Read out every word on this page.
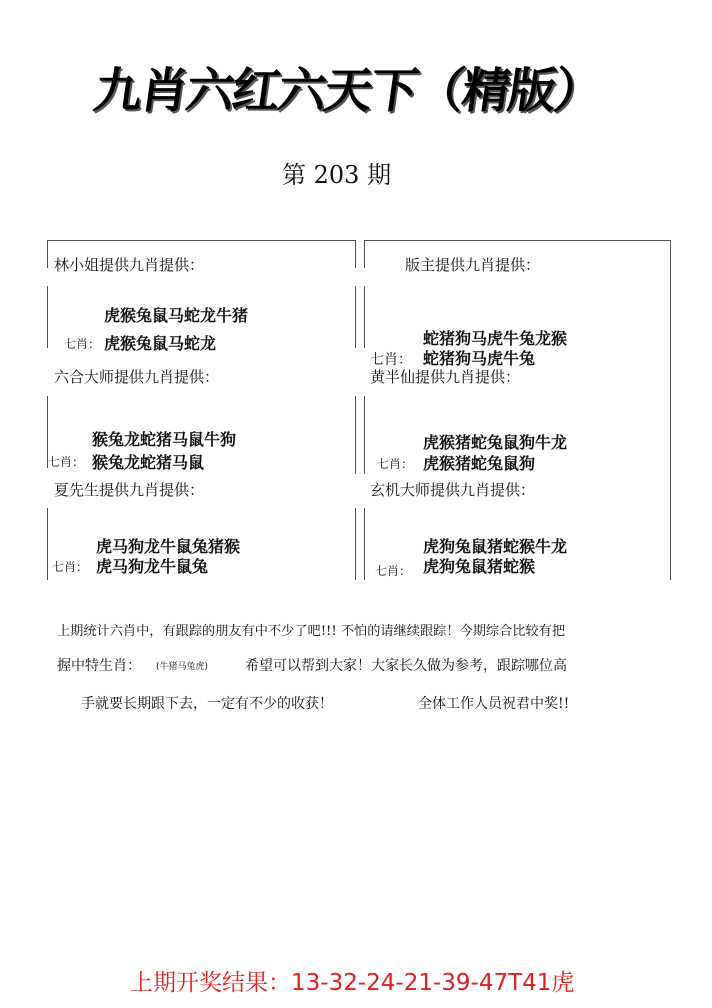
九肖六红六天下（精版）
第 203 期
林小姐提供九肖提供：
虎猴兔鼠马蛇龙牛猪
七肖： 虎猴兔鼠马蛇龙
版主提供九肖提供：
蛇猪狗马虎牛兔龙猴
七肖： 蛇猪狗马虎牛兔
六合大师提供九肖提供：
猴兔龙蛇猪马鼠牛狗
七肖： 猴兔龙蛇猪马鼠
黄半仙提供九肖提供：
虎猴猪蛇兔鼠狗牛龙
七肖： 虎猴猪蛇兔鼠狗
夏先生提供九肖提供：
虎马狗龙牛鼠兔猪猴
七肖： 虎马狗龙牛鼠兔
玄机大师提供九肖提供：
虎狗兔鼠猪蛇猴牛龙
七肖： 虎狗兔鼠猪蛇猴
上期统计六肖中，有跟踪的朋友有中不少了吧!!! 不怕的请继续跟踪！今期综合比较有把
握中特生肖： (牛猪马兔虎)	希望可以帮到大家！大家长久做为参考，跟踪哪位高
手就要长期跟下去，一定有不少的收获！	全体工作人员祝君中奖!!
上期开奖结果：13-32-24-21-39-47T41虎
